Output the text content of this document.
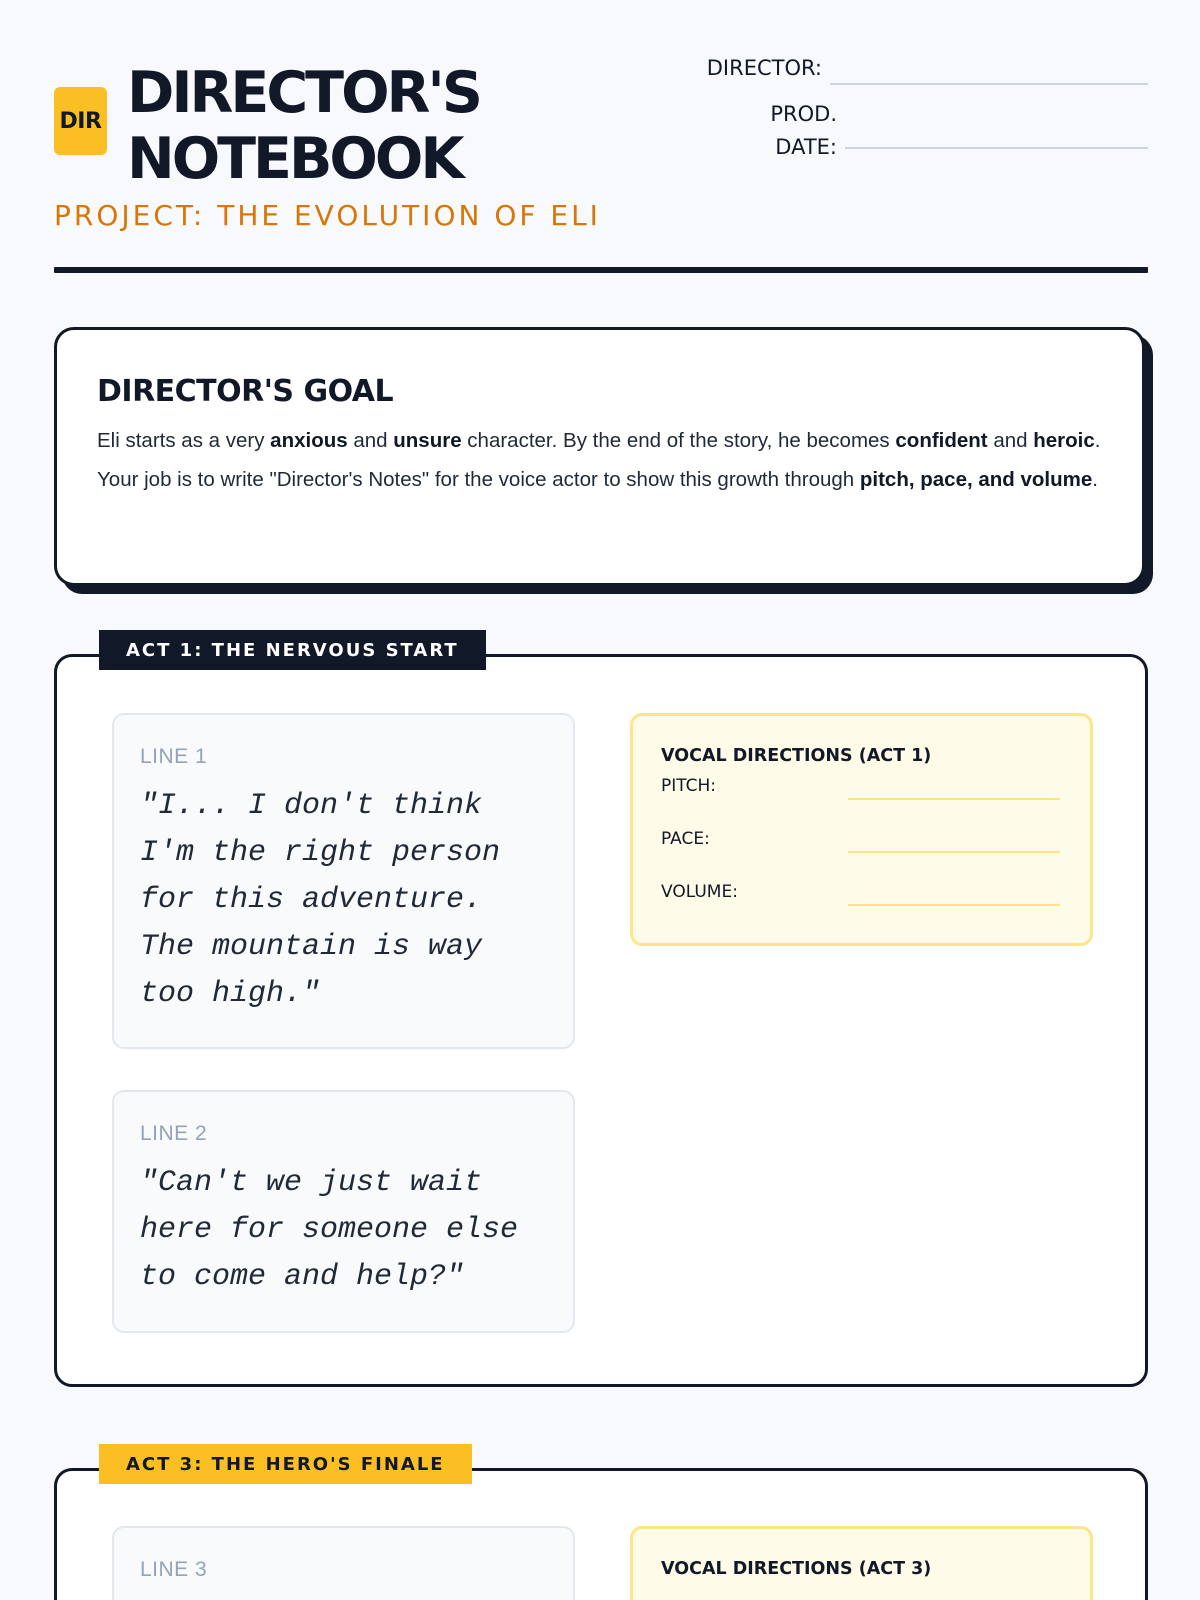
DIR DIRECTOR'S
NOTEBOOK
PROJECT: THE EVOLUTION OF ELI
DIRECTOR:
PROD.
DATE:
DIRECTOR'S GOAL
Eli starts as a very anxious and unsure character. By the end of the story, he becomes confident and heroic. Your job is to write "Director's Notes" for the voice actor to show this growth through pitch, pace, and volume.
ACT 1: THE NERVOUS START
LINE 1
"I... I don't think I'm the right person for this adventure. The mountain is way too high."
LINE 2
"Can't we just wait here for someone else to come and help?"
VOCAL DIRECTIONS (ACT 1)
PITCH:
PACE:
VOLUME:
ACT 3: THE HERO'S FINALE
LINE 3	VOCAL DIRECTIONS (ACT 3)
